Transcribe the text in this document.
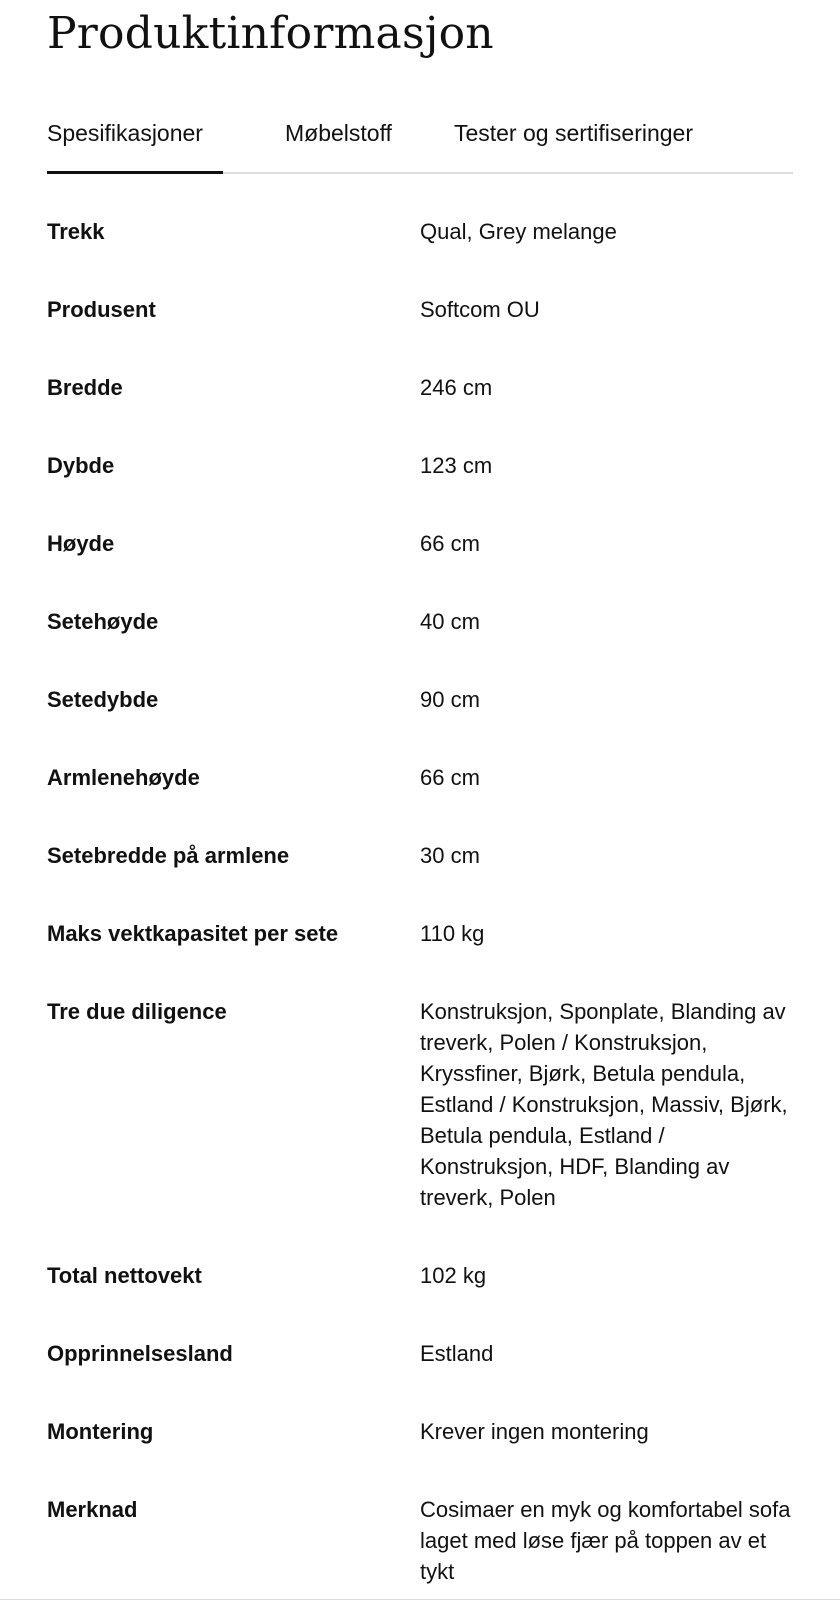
Produktinformasjon
Spesifikasjoner	Møbelstoff	Tester og sertifiseringer
Trekk	Qual, Grey melange
Produsent	Softcom OU
Bredde	246 cm
Dybde	123 cm
Høyde	66 cm
Setehøyde	40 cm
Setedybde	90 cm
Armlenehøyde	66 cm
Setebredde på armlene	30 cm
Maks vektkapasitet per sete	110 kg
Tre due diligence	Konstruksjon, Sponplate, Blanding av treverk, Polen / Konstruksjon, Kryssfiner, Bjørk, Betula pendula, Estland / Konstruksjon, Massiv, Bjørk, Betula pendula, Estland / Konstruksjon, HDF, Blanding av treverk, Polen
Total nettovekt	102 kg
Opprinnelsesland	Estland
Montering	Krever ingen montering
Merknad	Cosimaer en myk og komfortabel sofa laget med løse fjær på toppen av et tykt
